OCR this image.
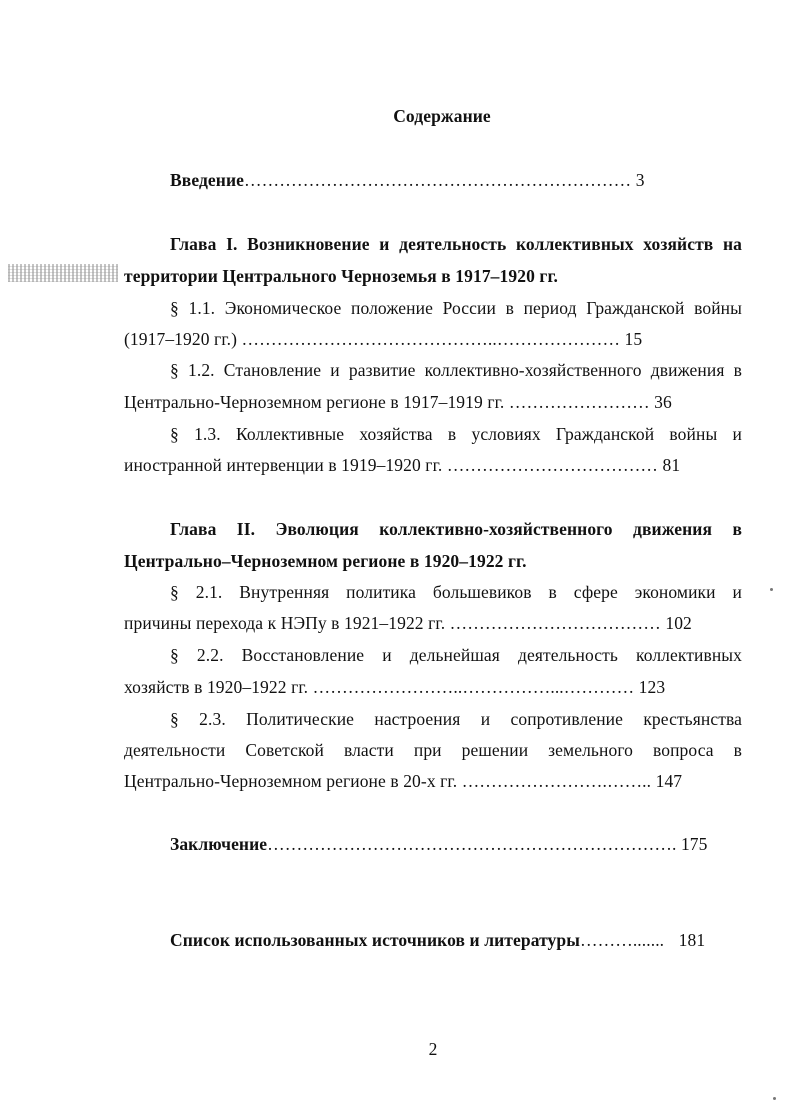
Содержание
Введение………………………………………………………… 3
Глава I. Возникновение и деятельность коллективных хозяйств на
территории Центрального Черноземья в 1917–1920 гг.
§ 1.1. Экономическое положение России в период Гражданской войны
(1917–1920 гг.) ……………………………………..………………… 15
§ 1.2. Становление и развитие коллективно-хозяйственного движения в
Центрально-Черноземном регионе в 1917–1919 гг. …………………… 36
§ 1.3. Коллективные хозяйства в условиях Гражданской войны и
иностранной интервенции в 1919–1920 гг. ……………………………… 81
Глава II. Эволюция коллективно-хозяйственного движения в
Центрально–Черноземном регионе в 1920–1922 гг.
§ 2.1. Внутренняя политика большевиков в сфере экономики и
причины перехода к НЭПу в 1921–1922 гг. ……………………………… 102
§ 2.2. Восстановление и дельнейшая деятельность коллективных
хозяйств в 1920–1922 гг. ……………………..……………...………… 123
§ 2.3. Политические настроения и сопротивление крестьянства
деятельности Советской власти при решении земельного вопроса в
Центрально-Черноземном регионе в 20-х гг. …………………….…….. 147
Заключение……………………………………………………………. 175
Список использованных источников и литературы………....... 181
2
